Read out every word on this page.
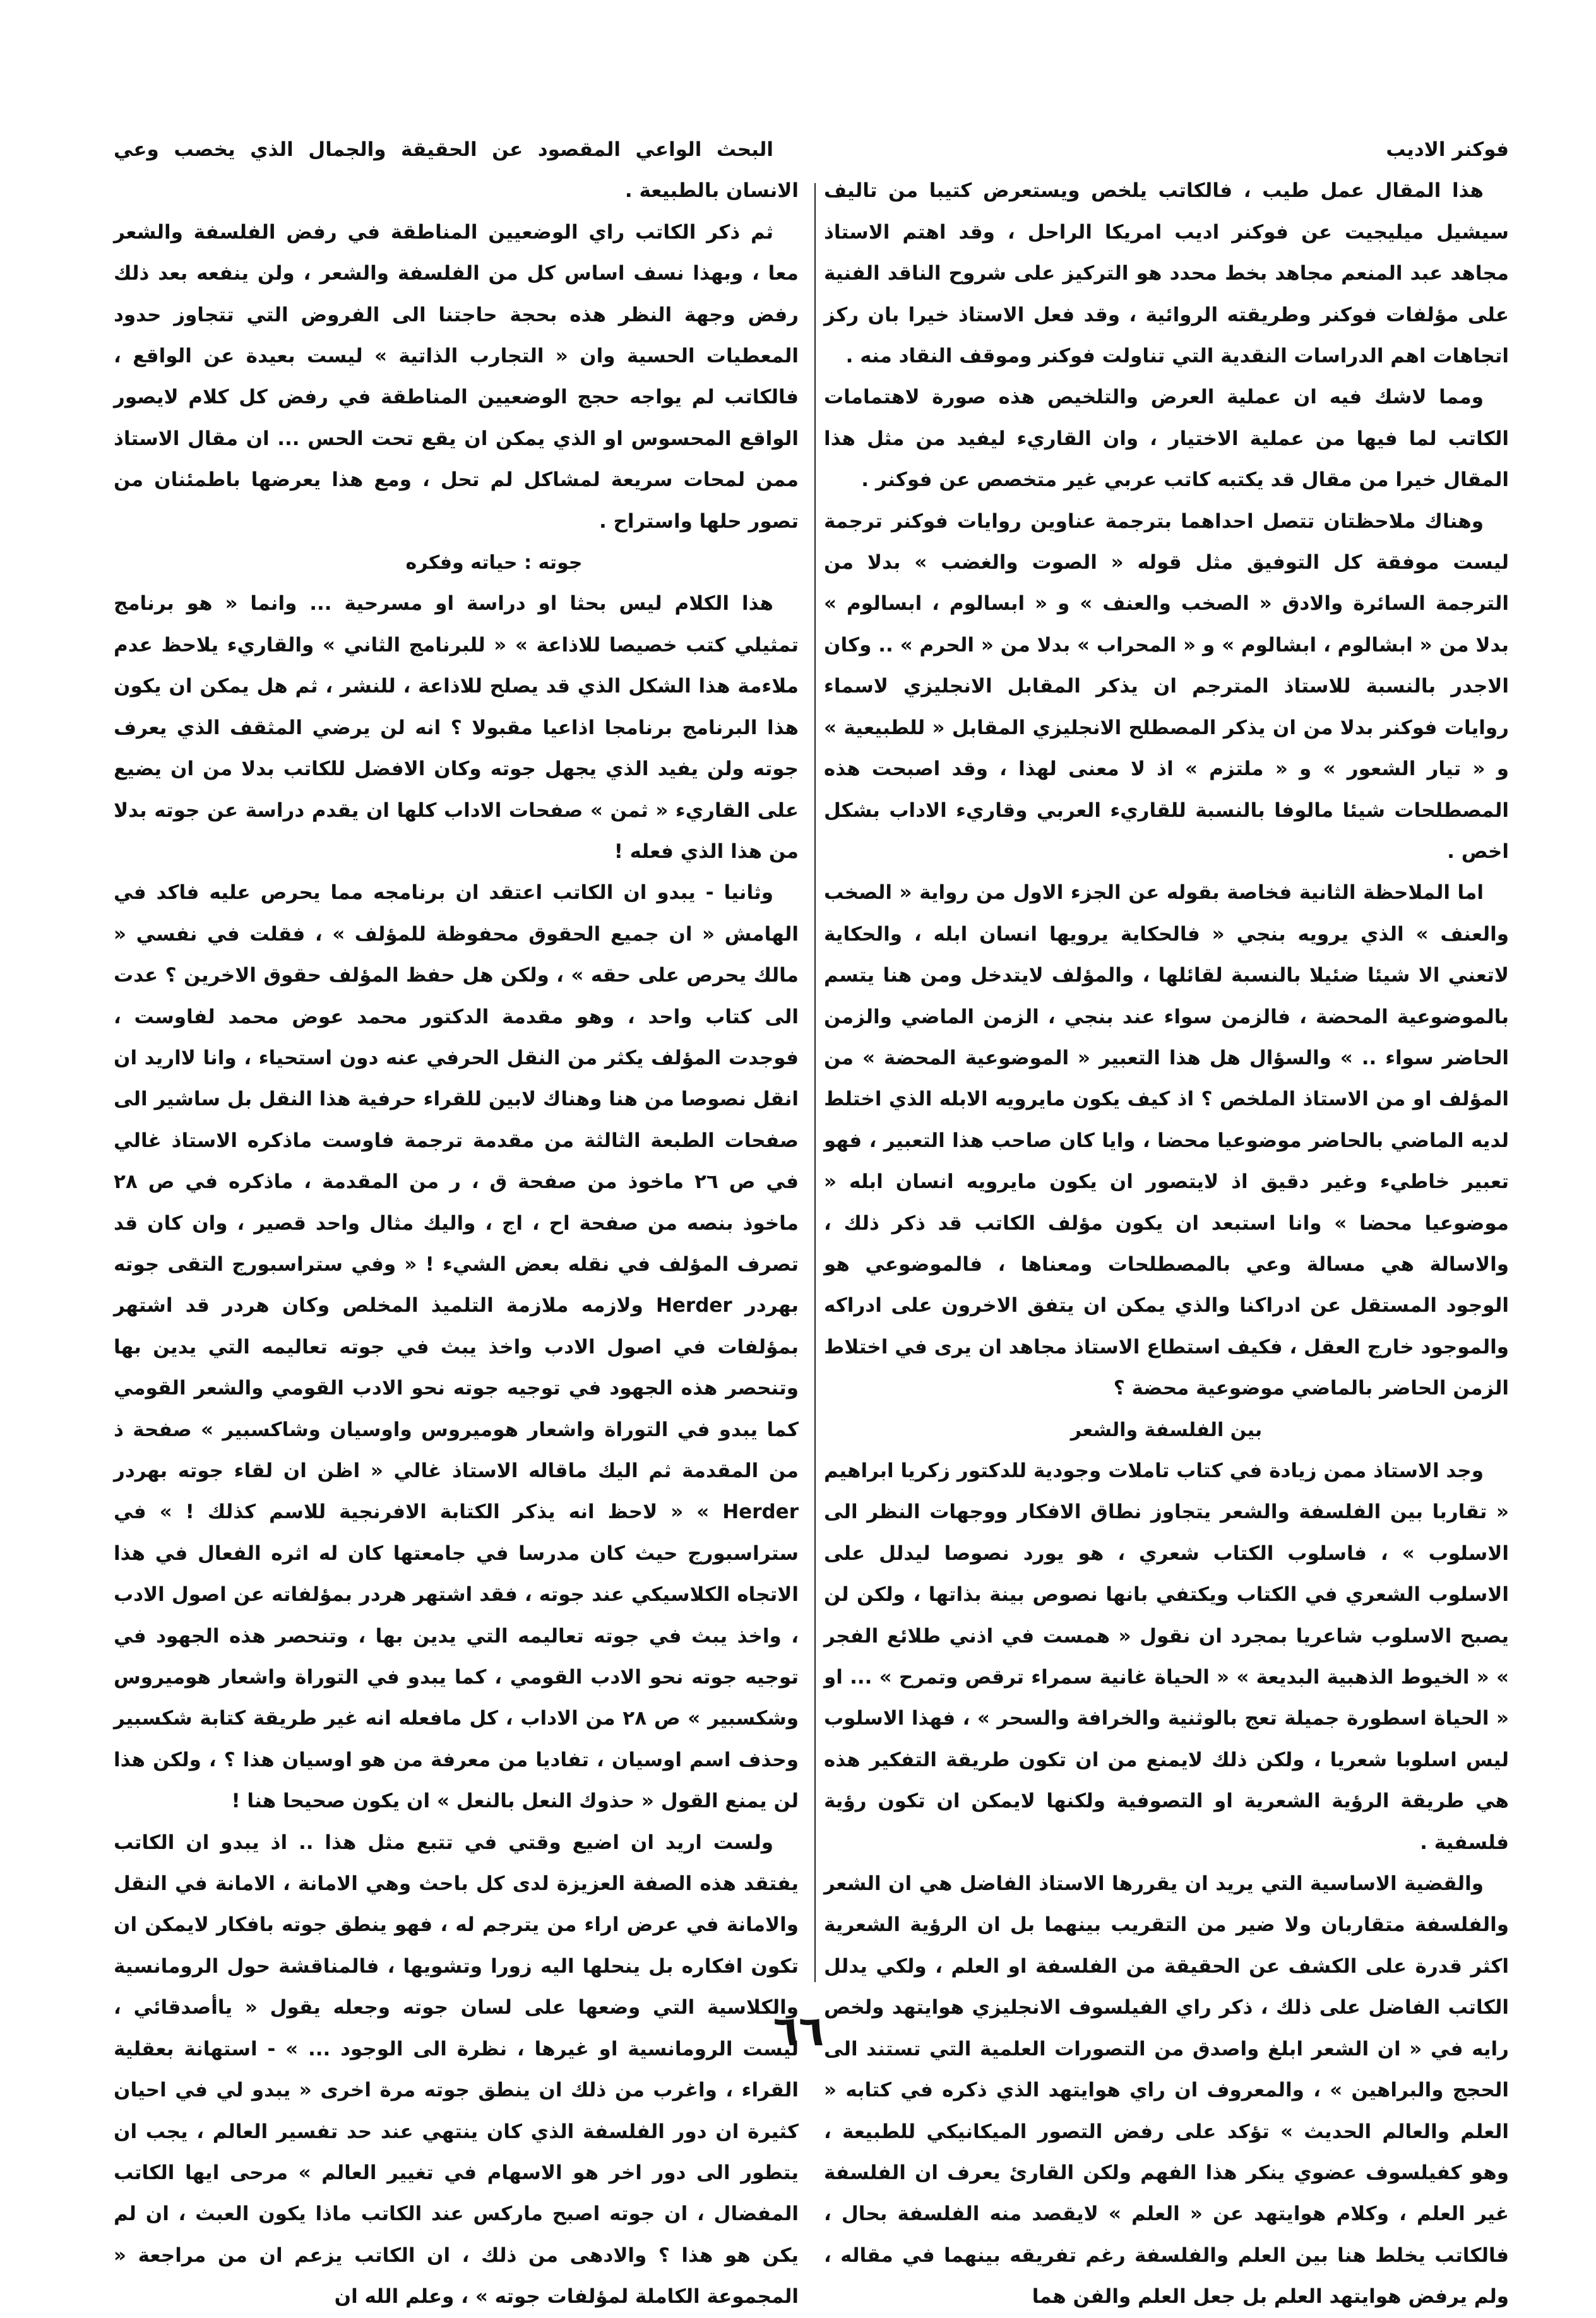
فوكنر الاديب

هذا المقال عمل طيب ، فالكاتب يلخص ويستعرض كتيبا من تاليف سيشيل ميليجيت عن فوكنر اديب امريكا الراحل ، وقد اهتم الاستاذ مجاهد عبد المنعم مجاهد بخط محدد هو التركيز على شروح الناقد الفنية على مؤلفات فوكنر وطريقته الروائية ، وقد فعل الاستاذ خيرا بان ركز اتجاهات اهم الدراسات النقدية التي تناولت فوكنر وموقف النقاد منه .

ومما لاشك فيه ان عملية العرض والتلخيص هذه صورة لاهتمامات الكاتب لما فيها من عملية الاختيار ، وان القاريء ليفيد من مثل هذا المقال خيرا من مقال قد يكتبه كاتب عربي غير متخصص عن فوكنر .

وهناك ملاحظتان تتصل احداهما بترجمة عناوين روايات فوكنر ترجمة ليست موفقة كل التوفيق مثل قوله « الصوت والغضب » بدلا من الترجمة السائرة والادق « الصخب والعنف » و « ابسالوم ، ابسالوم » بدلا من « ابشالوم ، ابشالوم » و « المحراب » بدلا من « الحرم » .. وكان الاجدر بالنسبة للاستاذ المترجم ان يذكر المقابل الانجليزي لاسماء روايات فوكنر بدلا من ان يذكر المصطلح الانجليزي المقابل « للطبيعية » و « تيار الشعور » و « ملتزم » اذ لا معنى لهذا ، وقد اصبحت هذه المصطلحات شيئا مالوفا بالنسبة للقاريء العربي وقاريء الاداب بشكل اخص .

اما الملاحظة الثانية فخاصة بقوله عن الجزء الاول من رواية « الصخب والعنف » الذي يرويه بنجي « فالحكاية يرويها انسان ابله ، والحكاية لاتعني الا شيئا ضئيلا بالنسبة لقائلها ، والمؤلف لايتدخل ومن هنا يتسم بالموضوعية المحضة ، فالزمن سواء عند بنجي ، الزمن الماضي والزمن الحاضر سواء .. » والسؤال هل هذا التعبير « الموضوعية المحضة » من المؤلف او من الاستاذ الملخص ؟ اذ كيف يكون مايرويه الابله الذي اختلط لديه الماضي بالحاضر موضوعيا محضا ، وايا كان صاحب هذا التعبير ، فهو تعبير خاطيء وغير دقيق اذ لايتصور ان يكون مايرويه انسان ابله « موضوعيا محضا » وانا استبعد ان يكون مؤلف الكاتب قد ذكر ذلك ، والاسالة هي مسالة وعي بالمصطلحات ومعناها ، فالموضوعي هو الوجود المستقل عن ادراكنا والذي يمكن ان يتفق الاخرون على ادراكه والموجود خارج العقل ، فكيف استطاع الاستاذ مجاهد ان يرى في اختلاط الزمن الحاضر بالماضي موضوعية محضة ؟

بين الفلسفة والشعر

وجد الاستاذ ممن زيادة في كتاب تاملات وجودية للدكتور زكريا ابراهيم « تقاربا بين الفلسفة والشعر يتجاوز نطاق الافكار ووجهات النظر الى الاسلوب » ، فاسلوب الكتاب شعري ، هو يورد نصوصا ليدلل على الاسلوب الشعري في الكتاب ويكتفي بانها نصوص بينة بذاتها ، ولكن لن يصبح الاسلوب شاعريا بمجرد ان نقول « همست في اذني طلائع الفجر » « الخيوط الذهبية البديعة » « الحياة غانية سمراء ترقص وتمرح » ... او « الحياة اسطورة جميلة تعج بالوثنية والخرافة والسحر » ، فهذا الاسلوب ليس اسلوبا شعريا ، ولكن ذلك لايمنع من ان تكون طريقة التفكير هذه هي طريقة الرؤية الشعرية او التصوفية ولكنها لايمكن ان تكون رؤية فلسفية .

والقضية الاساسية التي يريد ان يقررها الاستاذ الفاضل هي ان الشعر والفلسفة متقاربان ولا ضير من التقريب بينهما بل ان الرؤية الشعرية اكثر قدرة على الكشف عن الحقيقة من الفلسفة او العلم ، ولكي يدلل الكاتب الفاضل على ذلك ، ذكر راي الفيلسوف الانجليزي هوايتهد ولخص رايه في « ان الشعر ابلغ واصدق من التصورات العلمية التي تستند الى الحجج والبراهين » ، والمعروف ان راي هوايتهد الذي ذكره في كتابه « العلم والعالم الحديث » تؤكد على رفض التصور الميكانيكي للطبيعة ، وهو كفيلسوف عضوي ينكر هذا الفهم ولكن القارئ يعرف ان الفلسفة غير العلم ، وكلام هوايتهد عن « العلم » لايقصد منه الفلسفة بحال ، فالكاتب يخلط هنا بين العلم والفلسفة رغم تفريقه بينهما في مقاله ، ولم يرفض هوايتهد العلم بل جعل العلم والفن هما

البحث الواعي المقصود عن الحقيقة والجمال الذي يخصب وعي الانسان بالطبيعة .

ثم ذكر الكاتب راي الوضعيين المناطقة في رفض الفلسفة والشعر معا ، وبهذا نسف اساس كل من الفلسفة والشعر ، ولن ينفعه بعد ذلك رفض وجهة النظر هذه بحجة حاجتنا الى الفروض التي تتجاوز حدود المعطيات الحسية وان « التجارب الذاتية » ليست بعيدة عن الواقع ، فالكاتب لم يواجه حجج الوضعيين المناطقة في رفض كل كلام لايصور الواقع المحسوس او الذي يمكن ان يقع تحت الحس ... ان مقال الاستاذ ممن لمحات سريعة لمشاكل لم تحل ، ومع هذا يعرضها باطمئنان من تصور حلها واستراح .

جوته : حياته وفكره

هذا الكلام ليس بحثا او دراسة او مسرحية ... وانما « هو برنامج تمثيلي كتب خصيصا للاذاعة » « للبرنامج الثاني » والقاريء يلاحظ عدم ملاءمة هذا الشكل الذي قد يصلح للاذاعة ، للنشر ، ثم هل يمكن ان يكون هذا البرنامج برنامجا اذاعيا مقبولا ؟ انه لن يرضي المثقف الذي يعرف جوته ولن يفيد الذي يجهل جوته وكان الافضل للكاتب بدلا من ان يضيع على القاريء « ثمن » صفحات الاداب كلها ان يقدم دراسة عن جوته بدلا من هذا الذي فعله !

وثانيا - يبدو ان الكاتب اعتقد ان برنامجه مما يحرص عليه فاكد في الهامش « ان جميع الحقوق محفوظة للمؤلف » ، فقلت في نفسي « مالك يحرص على حقه » ، ولكن هل حفظ المؤلف حقوق الاخرين ؟ عدت الى كتاب واحد ، وهو مقدمة الدكتور محمد عوض محمد لفاوست ، فوجدت المؤلف يكثر من النقل الحرفي عنه دون استحياء ، وانا لااريد ان انقل نصوصا من هنا وهناك لابين للقراء حرفية هذا النقل بل ساشير الى صفحات الطبعة الثالثة من مقدمة ترجمة فاوست ماذكره الاستاذ غالي في ص ٢٦ ماخوذ من صفحة ق ، ر من المقدمة ، ماذكره في ص ٢٨ ماخوذ بنصه من صفحة اح ، اج ، واليك مثال واحد قصير ، وان كان قد تصرف المؤلف في نقله بعض الشيء ! « وفي ستراسبورج التقى جوته بهردر Herder ولازمه ملازمة التلميذ المخلص وكان هردر قد اشتهر بمؤلفات في اصول الادب واخذ يبث في جوته تعاليمه التي يدين بها وتنحصر هذه الجهود في توجيه جوته نحو الادب القومي والشعر القومي كما يبدو في التوراة واشعار هوميروس واوسيان وشاكسبير » صفحة ذ من المقدمة ثم اليك ماقاله الاستاذ غالي « اظن ان لقاء جوته بهردر Herder » « لاحظ انه يذكر الكتابة الافرنجية للاسم كذلك ! » في ستراسبورج حيث كان مدرسا في جامعتها كان له اثره الفعال في هذا الاتجاه الكلاسيكي عند جوته ، فقد اشتهر هردر بمؤلفاته عن اصول الادب ، واخذ يبث في جوته تعاليمه التي يدين بها ، وتنحصر هذه الجهود في توجيه جوته نحو الادب القومي ، كما يبدو في التوراة واشعار هوميروس وشكسبير » ص ٢٨ من الاداب ، كل مافعله انه غير طريقة كتابة شكسبير وحذف اسم اوسيان ، تفاديا من معرفة من هو اوسيان هذا ؟ ، ولكن هذا لن يمنع القول « حذوك النعل بالنعل » ان يكون صحيحا هنا !

ولست اريد ان اضيع وقتي في تتبع مثل هذا .. اذ يبدو ان الكاتب يفتقد هذه الصفة العزيزة لدى كل باحث وهي الامانة ، الامانة في النقل والامانة في عرض اراء من يترجم له ، فهو ينطق جوته بافكار لايمكن ان تكون افكاره بل ينحلها اليه زورا وتشويها ، فالمناقشة حول الرومانسية والكلاسية التي وضعها على لسان جوته وجعله يقول « ياأصدقائي ، ليست الرومانسية او غيرها ، نظرة الى الوجود ... » - استهانة بعقلية القراء ، واغرب من ذلك ان ينطق جوته مرة اخرى « يبدو لي في احيان كثيرة ان دور الفلسفة الذي كان ينتهي عند حد تفسير العالم ، يجب ان يتطور الى دور اخر هو الاسهام في تغيير العالم » مرحى ايها الكاتب المفضال ، ان جوته اصبح ماركس عند الكاتب ماذا يكون العبث ، ان لم يكن هو هذا ؟ والادهى من ذلك ، ان الكاتب يزعم ان من مراجعة « المجموعة الكاملة لمؤلفات جوته » ، وعلم الله ان

٦٦
